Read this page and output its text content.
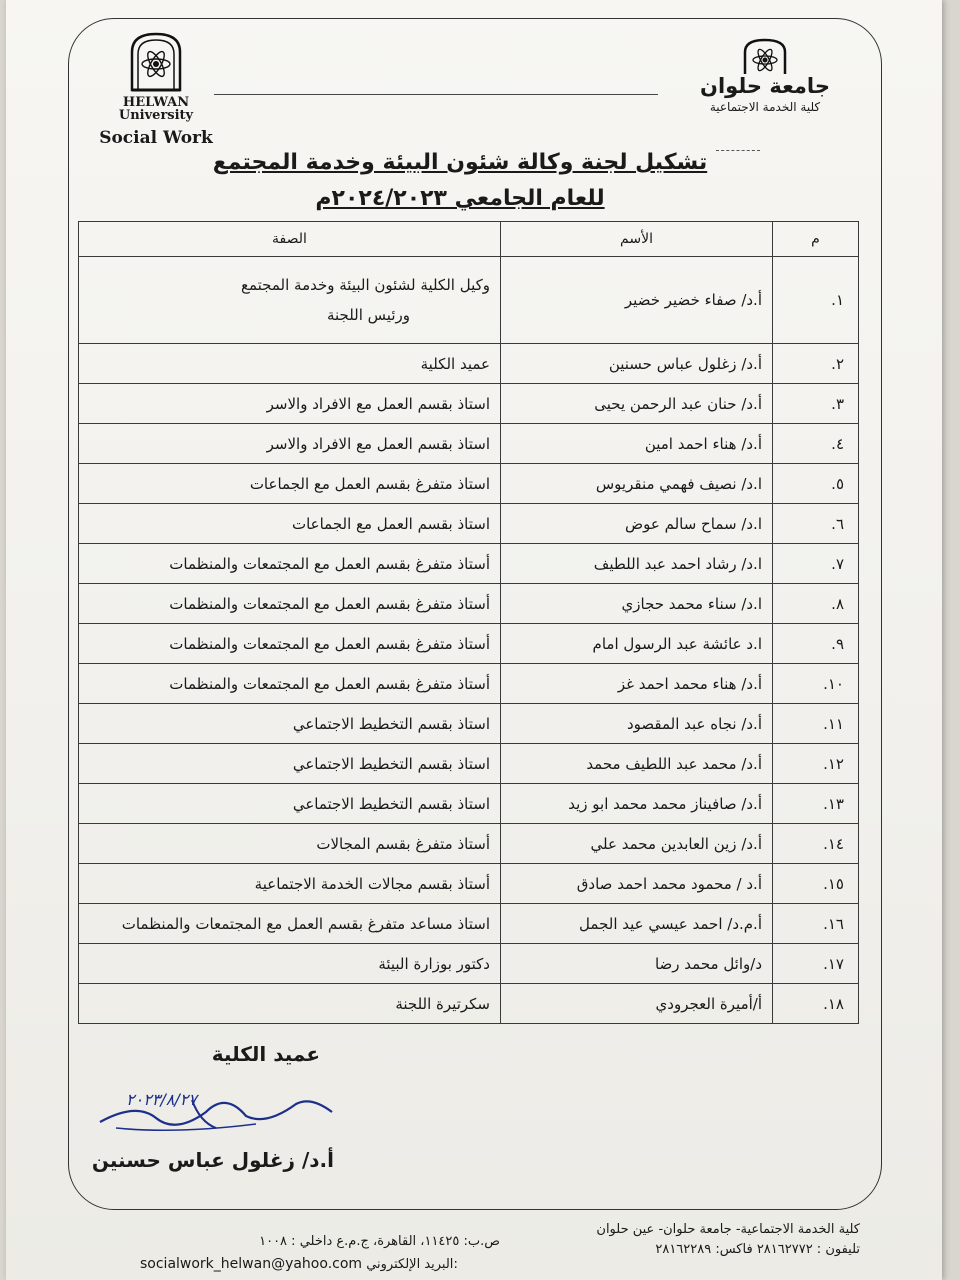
HELWAN
University
Social Work
جامعة حلوان
كلية الخدمة الاجتماعية
تشكيل لجنة وكالة شئون البيئة وخدمة المجتمع
للعام الجامعي ٢٠٢٤/٢٠٢٣م
م	الأسم	الصفة
١.	أ.د/ صفاء خضير خضير	وكيل الكلية لشئون البيئة وخدمة المجتمع
ورئيس اللجنة

٢.	أ.د/ زغلول عباس حسنين	عميد الكلية

٣.	أ.د/ حنان عبد الرحمن يحيى	استاذ بقسم العمل مع الافراد والاسر

٤.	أ.د/ هناء احمد امين	استاذ بقسم العمل مع الافراد والاسر

٥.	ا.د/ نصيف فهمي منقريوس	استاذ متفرغ بقسم العمل مع الجماعات

٦.	ا.د/ سماح سالم عوض	استاذ بقسم العمل مع الجماعات

٧.	ا.د/ رشاد احمد عبد اللطيف	أستاذ متفرغ بقسم العمل مع المجتمعات والمنظمات

٨.	ا.د/ سناء محمد حجازي	أستاذ متفرغ بقسم العمل مع المجتمعات والمنظمات

٩.	ا.د عائشة عبد الرسول امام	أستاذ متفرغ بقسم العمل مع المجتمعات والمنظمات

١٠.	أ.د/ هناء محمد احمد غز	أستاذ متفرغ بقسم العمل مع المجتمعات والمنظمات

١١.	أ.د/ نجاه عبد المقصود	استاذ بقسم التخطيط الاجتماعي

١٢.	أ.د/ محمد عبد اللطيف محمد	استاذ بقسم التخطيط الاجتماعي

١٣.	أ.د/ صافيناز محمد محمد ابو زيد	استاذ بقسم التخطيط الاجتماعي

١٤.	أ.د/ زين العابدين محمد علي	أستاذ متفرغ بقسم المجالات

١٥.	أ.د / محمود محمد احمد صادق	أستاذ بقسم مجالات الخدمة الاجتماعية

١٦.	أ.م.د/ احمد عيسي عيد الجمل	استاذ مساعد متفرغ بقسم العمل مع المجتمعات والمنظمات

١٧.	د/وائل محمد رضا	دكتور بوزارة البيئة

١٨.	أ/أميرة العجرودي	سكرتيرة اللجنة
عميد الكلية
٢٠٢٣/٨/٢٧
أ.د/ زغلول عباس حسنين
كلية الخدمة الاجتماعية- جامعة حلوان- عين حلوان
تليفون : ٢٨١٦٢٧٧٢ فاكس: ٢٨١٦٢٢٨٩
ص.ب: ١١٤٢٥، القاهرة، ج.م.ع داخلي : ١٠٠٨
socialwork_helwan@yahoo.com البريد الإلكتروني:
